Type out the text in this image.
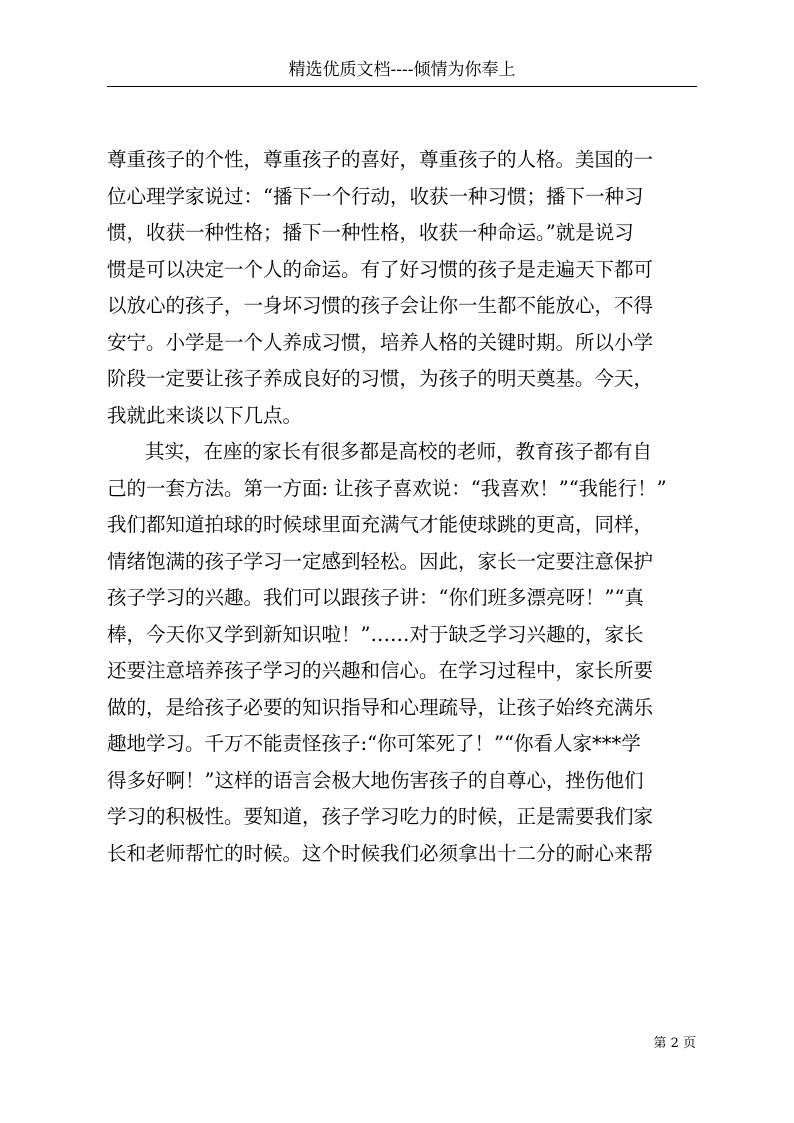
精选优质文档----倾情为你奉上
尊重孩子的个性，尊重孩子的喜好，尊重孩子的人格。美国的一
位心理学家说过：“播下一个行动，收获一种习惯；播下一种习
惯，收获一种性格；播下一种性格，收获一种命运。”就是说习
惯是可以决定一个人的命运。有了好习惯的孩子是走遍天下都可
以放心的孩子，一身坏习惯的孩子会让你一生都不能放心，不得
安宁。小学是一个人养成习惯，培养人格的关键时期。所以小学
阶段一定要让孩子养成良好的习惯，为孩子的明天奠基。今天，
我就此来谈以下几点。
其实，在座的家长有很多都是高校的老师，教育孩子都有自
己的一套方法。第一方面: 让孩子喜欢说：“我喜欢！”“我能行！”
我们都知道拍球的时候球里面充满气才能使球跳的更高，同样，
情绪饱满的孩子学习一定感到轻松。因此，家长一定要注意保护
孩子学习的兴趣。我们可以跟孩子讲：“你们班多漂亮呀！”“真
棒，今天你又学到新知识啦！”……对于缺乏学习兴趣的，家长
还要注意培养孩子学习的兴趣和信心。在学习过程中，家长所要
做的，是给孩子必要的知识指导和心理疏导，让孩子始终充满乐
趣地学习。千万不能责怪孩子:“你可笨死了！”“你看人家***学
得多好啊！”这样的语言会极大地伤害孩子的自尊心，挫伤他们
学习的积极性。要知道，孩子学习吃力的时候，正是需要我们家
长和老师帮忙的时候。这个时候我们必须拿出十二分的耐心来帮
第 2 页
